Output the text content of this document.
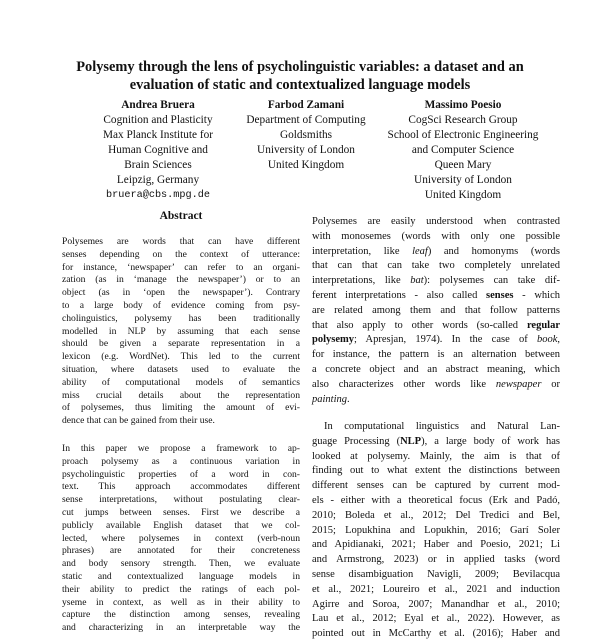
Polysemy through the lens of psycholinguistic variables: a dataset and an evaluation of static and contextualized language models
Andrea Bruera
Cognition and Plasticity
Max Planck Institute for
Human Cognitive and
Brain Sciences
Leipzig, Germany
bruera@cbs.mpg.de
Farbod Zamani
Department of Computing
Goldsmiths
University of London
United Kingdom
Massimo Poesio
CogSci Research Group
School of Electronic Engineering
and Computer Science
Queen Mary
University of London
United Kingdom
Abstract

Polysemes are words that can have different
senses depending on the context of utterance:
for instance, ‘newspaper’ can refer to an organi-
zation (as in ‘manage the newspaper’) or to an
object (as in ‘open the newspaper’). Contrary
to a large body of evidence coming from psy-
cholinguistics, polysemy has been traditionally
modelled in NLP by assuming that each sense
should be given a separate representation in a
lexicon (e.g. WordNet). This led to the current
situation, where datasets used to evaluate the
ability of computational models of semantics
miss crucial details about the representation
of polysemes, thus limiting the amount of evi-
dence that can be gained from their use.

In this paper we propose a framework to ap-
proach polysemy as a continuous variation in
psycholinguistic properties of a word in con-
text. This approach accommodates different
sense interpretations, without postulating clear-
cut jumps between senses. First we describe a
publicly available English dataset that we col-
lected, where polysemes in context (verb-noun
phrases) are annotated for their concreteness
and body sensory strength. Then, we evaluate
static and contextualized language models in
their ability to predict the ratings of each pol-
yseme in context, as well as in their ability to
capture the distinction among senses, revealing
and characterizing in an interpretable way the

Polysemes are easily understood when contrasted
with monosemes (words with only one possible
interpretation, like leaf) and homonyms (words
that can that can take two completely unrelated
interpretations, like bat): polysemes can take dif-
ferent interpretations - also called senses - which
are related among them and that follow patterns
that also apply to other words (so-called regular
polysemy; Apresjan, 1974). In the case of book,
for instance, the pattern is an alternation between
a concrete object and an abstract meaning, which
also characterizes other words like newspaper or
painting.

In computational linguistics and Natural Lan-
guage Processing (NLP), a large body of work has
looked at polysemy. Mainly, the aim is that of
finding out to what extent the distinctions between
different senses can be captured by current mod-
els - either with a theoretical focus (Erk and Padó,
2010; Boleda et al., 2012; Del Tredici and Bel,
2015; Lopukhina and Lopukhin, 2016; Garí Soler
and Apidianaki, 2021; Haber and Poesio, 2021; Li
and Armstrong, 2023) or in applied tasks (word
sense disambiguation Navigli, 2009; Bevilacqua
et al., 2021; Loureiro et al., 2021 and induction
Agirre and Soroa, 2007; Manandhar et al., 2010;
Lau et al., 2012; Eyal et al., 2022). However, as
pointed out in McCarthy et al. (2016); Haber and
